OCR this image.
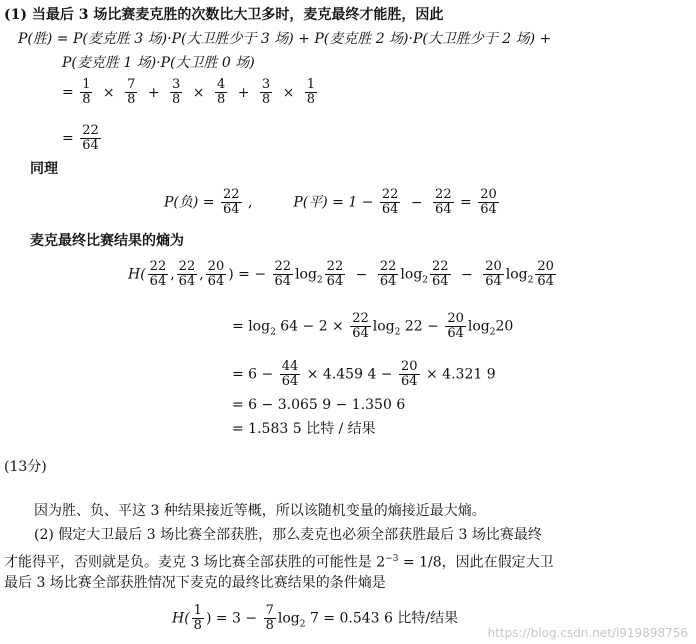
(1) 当最后 3 场比赛麦克胜的次数比大卫多时，麦克最终才能胜，因此
P(胜) = P(麦克胜 3 场)·P(大卫胜少于 3 场) + P(麦克胜 2 场)·P(大卫胜少于 2 场) +
P(麦克胜 1 场)·P(大卫胜 0 场)
= $\frac{1}{8} \times \frac{7}{8} + \frac{3}{8} \times \frac{4}{8} + \frac{3}{8} \times \frac{1}{8}$
= $\frac{22}{64}$
同理
P(负) = $\frac{22}{64}$ ,	P(平) = $1 - \frac{22}{64} - \frac{22}{64} = \frac{20}{64}$
麦克最终比赛结果的熵为
$H( \frac{22}{64}$ , $\frac{22}{64}$ , $\frac{20}{64}$ ) = − $\frac{22}{64} \log_2 \frac{22}{64} - \frac{22}{64} \log_2 \frac{22}{64} - \frac{20}{64} \log_2 \frac{20}{64}$
= $\log_2 64 - 2 \times \frac{22}{64} \log_2 22 - \frac{20}{64} \log_220$
= $6 - \frac{44}{64} \times 4.459$ $4 - \frac{20}{64} \times 4.321$ 9
= 6 − 3.065 9 − 1.350 6
= 1.583 5 比特 / 结果
(13分)
因为胜、负、平这 3 种结果接近等概，所以该随机变量的熵接近最大熵。
(2) 假定大卫最后 3 场比赛全部获胜，那么麦克也必须全部获胜最后 3 场比赛最终
才能得平，否则就是负。麦克 3 场比赛全部获胜的可能性是 $2^{-3} = 1/8$，因此在假定大卫
最后 3 场比赛全部获胜情况下麦克的最终比赛结果的条件熵是
$H( \frac{1}{8}$ ) = $3 - \frac{7}{8} \log_2 7 = 0.543$ 6 比特/结果
https://blog.csdn.net/l919898756
